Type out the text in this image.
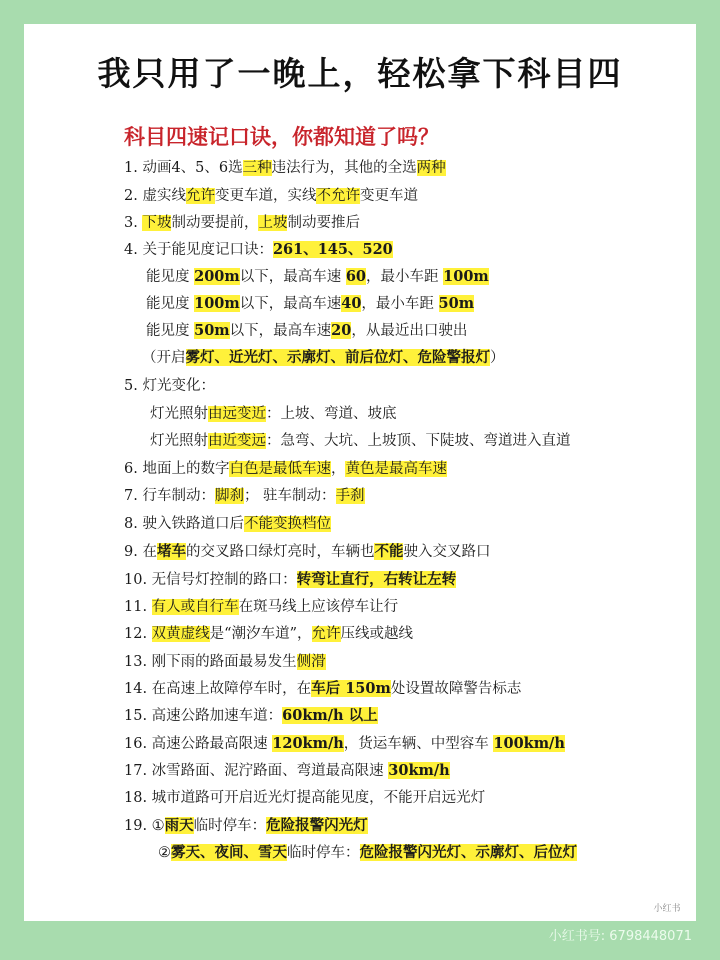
我只用了一晚上，轻松拿下科目四
科目四速记口诀，你都知道了吗？
1. 动画4、5、6选三种违法行为，其他的全选两种
2. 虚实线允许变更车道，实线不允许变更车道
3. 下坡制动要提前，上坡制动要推后
4. 关于能见度记口诀：261、145、520
能见度 200m以下，最高车速 60，最小车距 100m
能见度 100m以下，最高车速40，最小车距 50m
能见度 50m以下，最高车速20，从最近出口驶出
（开启雾灯、近光灯、示廓灯、前后位灯、危险警报灯）
5. 灯光变化：
灯光照射由远变近：上坡、弯道、坡底
灯光照射由近变远：急弯、大坑、上坡顶、下陡坡、弯道进入直道
6. 地面上的数字白色是最低车速，黄色是最高车速
7. 行车制动：脚刹； 驻车制动：手刹
8. 驶入铁路道口后不能变换档位
9. 在堵车的交叉路口绿灯亮时，车辆也不能驶入交叉路口
10. 无信号灯控制的路口：转弯让直行，右转让左转
11. 有人或自行车在斑马线上应该停车让行
12. 双黄虚线是“潮汐车道”，允许压线或越线
13. 刚下雨的路面最易发生侧滑
14. 在高速上故障停车时，在车后 150m处设置故障警告标志
15. 高速公路加速车道：60km/h 以上
16. 高速公路最高限速 120km/h，货运车辆、中型容车 100km/h
17. 冰雪路面、泥泞路面、弯道最高限速 30km/h
18. 城市道路可开启近光灯提高能见度，不能开启远光灯
19. ①雨天临时停车：危险报警闪光灯
②雾天、夜间、雪天临时停车：危险报警闪光灯、示廓灯、后位灯
小红书
小红书号: 6798448071
